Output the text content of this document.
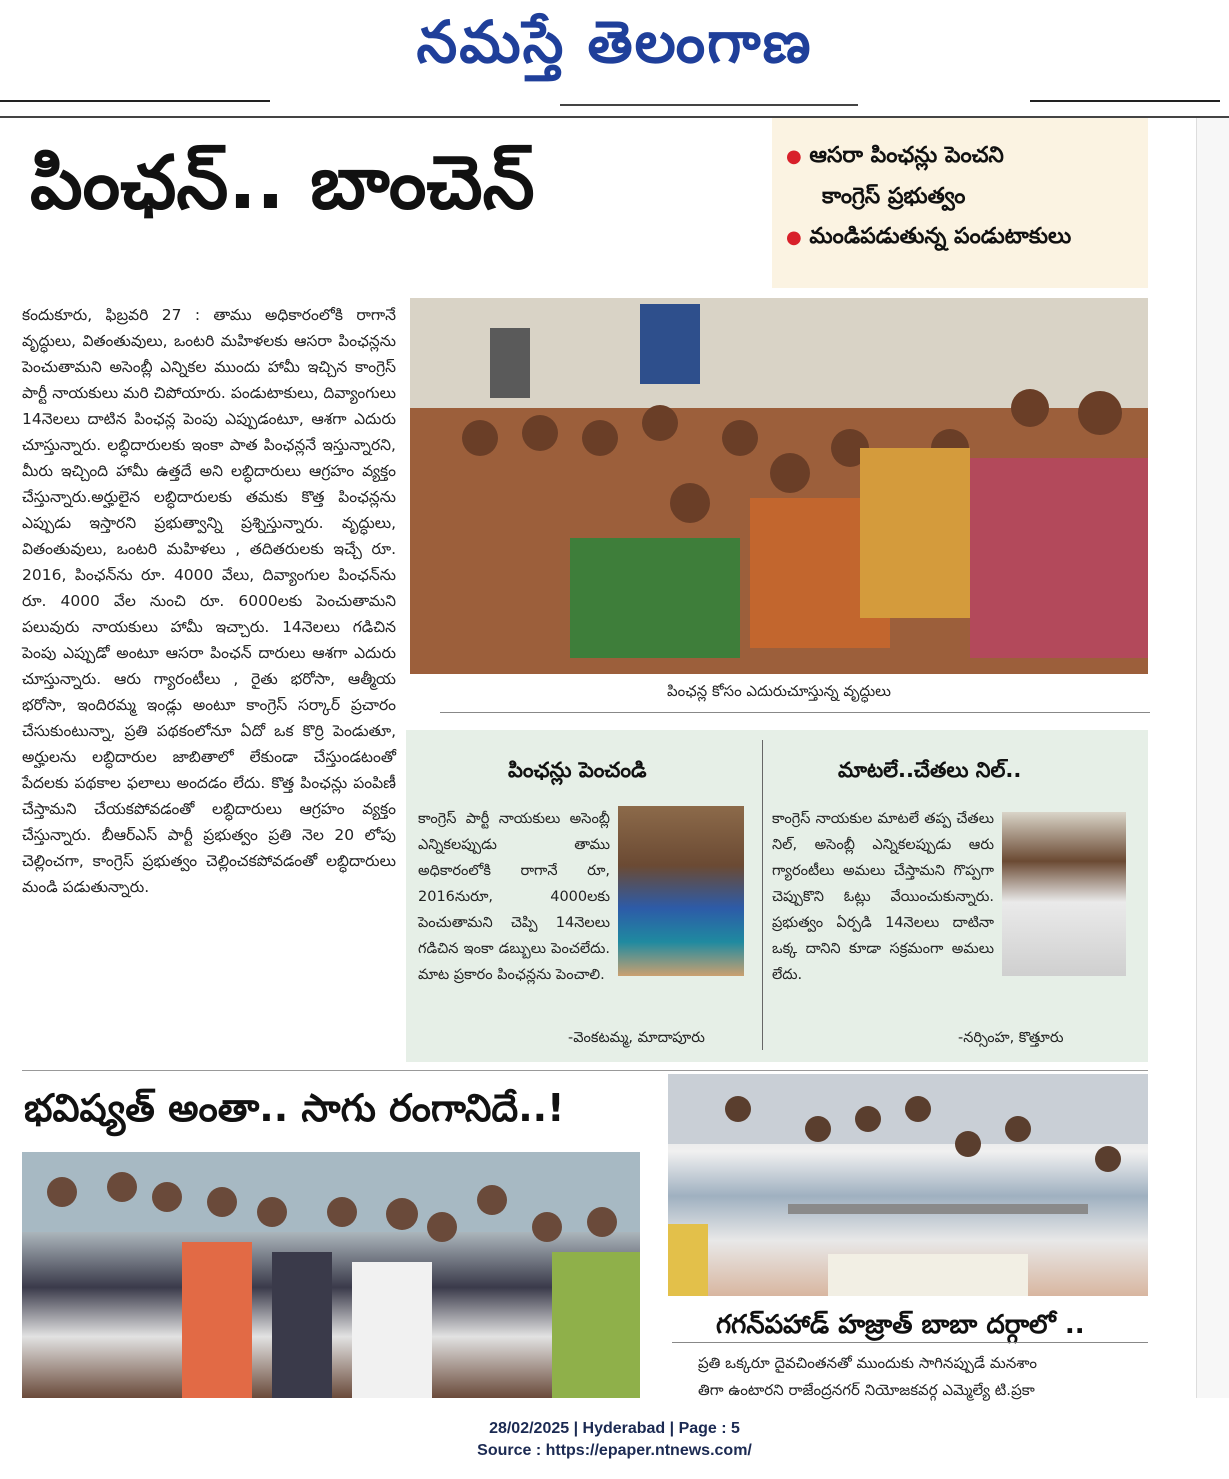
నమస్తే తెలంగాణ
పింఛన్.. బాంచెన్	● ఆసరా పింఛన్లు పెంచని
కాంగ్రెస్ ప్రభుత్వం
● మండిపడుతున్న పండుటాకులు
కందుకూరు, ఫిబ్రవరి 27 : తాము అధికారంలోకి రాగానే వృద్ధులు, వితంతువులు, ఒంటరి మహిళలకు ఆసరా పింఛన్లను పెంచుతామని అసెంబ్లీ ఎన్నికల ముందు హామీ ఇచ్చిన కాంగ్రెస్ పార్టీ నాయకులు మరి చిపోయారు. పండుటాకులు, దివ్యాంగులు 14నెలలు దాటిన పింఛన్ల పెంపు ఎప్పుడంటూ, ఆశగా ఎదురు చూస్తున్నారు. లబ్ధిదారులకు ఇంకా పాత పింఛన్లనే ఇస్తున్నారని, మీరు ఇచ్చింది హామీ ఉత్తదే అని లబ్ధిదారులు ఆగ్రహం వ్యక్తం చేస్తున్నారు.అర్హులైన లబ్ధిదారులకు తమకు కొత్త పింఛన్లను ఎప్పుడు ఇస్తారని ప్రభుత్వాన్ని ప్రశ్నిస్తున్నారు. వృద్ధులు, వితంతువులు, ఒంటరి మహిళలు , తదితరులకు ఇచ్చే రూ. 2016, పింఛన్‌ను రూ. 4000 వేలు, దివ్యాంగుల పింఛన్‌ను రూ. 4000 వేల నుంచి రూ. 6000లకు పెంచుతామని పలువురు నాయకులు హామీ ఇచ్చారు. 14నెలలు గడిచిన పెంపు ఎప్పుడో అంటూ ఆసరా పింఛన్ దారులు ఆశగా ఎదురు చూస్తున్నారు. ఆరు గ్యారంటీలు , రైతు భరోసా, ఆత్మీయ భరోసా, ఇందిరమ్మ ఇండ్లు అంటూ కాంగ్రెస్ సర్కార్ ప్రచారం చేసుకుంటున్నా, ప్రతి పథకంలోనూ ఏదో ఒక కొర్రి పెండుతూ, అర్హులను లబ్ధిదారుల జాబితాలో లేకుండా చేస్తుండటంతో పేదలకు పథకాల ఫలాలు అందడం లేదు. కొత్త పింఛన్లు పంపిణీ చేస్తామని చేయకపోవడంతో లబ్ధిదారులు ఆగ్రహం వ్యక్తం చేస్తున్నారు. బీఆర్ఎస్ పార్టీ ప్రభుత్వం ప్రతి నెల 20 లోపు చెల్లించగా, కాంగ్రెస్ ప్రభుత్వం చెల్లించకపోవడంతో లబ్ధిదారులు మండి పడుతున్నారు.
పింఛన్ల కోసం ఎదురుచూస్తున్న వృద్ధులు
పింఛన్లు పెంచండి
కాంగ్రెస్ పార్టీ నాయకులు అసెంబ్లీ ఎన్నికలప్పుడు తాము అధికారంలోకి రాగానే రూ, 2016నురూ, 4000లకు పెంచుతామని చెప్పి 14నెలలు గడిచిన ఇంకా డబ్బులు పెంచలేదు. మాట ప్రకారం పింఛన్లను పెంచాలి.
-వెంకటమ్మ, మాదాపూరు
మాటలే..చేతలు నిల్..
కాంగ్రెస్ నాయకుల మాటలే తప్ప చేతలు నిల్, అసెంబ్లీ ఎన్నికలప్పుడు ఆరు గ్యారంటీలు అమలు చేస్తామని గొప్పగా చెప్పుకొని ఓట్లు వేయించుకున్నారు. ప్రభుత్వం ఏర్పడి 14నెలలు దాటినా ఒక్క దానిని కూడా సక్రమంగా అమలు లేదు.
-నర్సింహ, కొత్తూరు
భవిష్యత్ అంతా.. సాగు రంగానిదే..!
గగన్‌పహాడ్ హజ్రాత్ బాబా దర్గాలో ..
ప్రతి ఒక్కరూ దైవచింతనతో ముందుకు సాగినప్పుడే మనశాం
తిగా ఉంటారని రాజేంద్రనగర్ నియోజకవర్గ ఎమ్మెల్యే టి.ప్రకా
28/02/2025 | Hyderabad | Page : 5
Source : https://epaper.ntnews.com/
